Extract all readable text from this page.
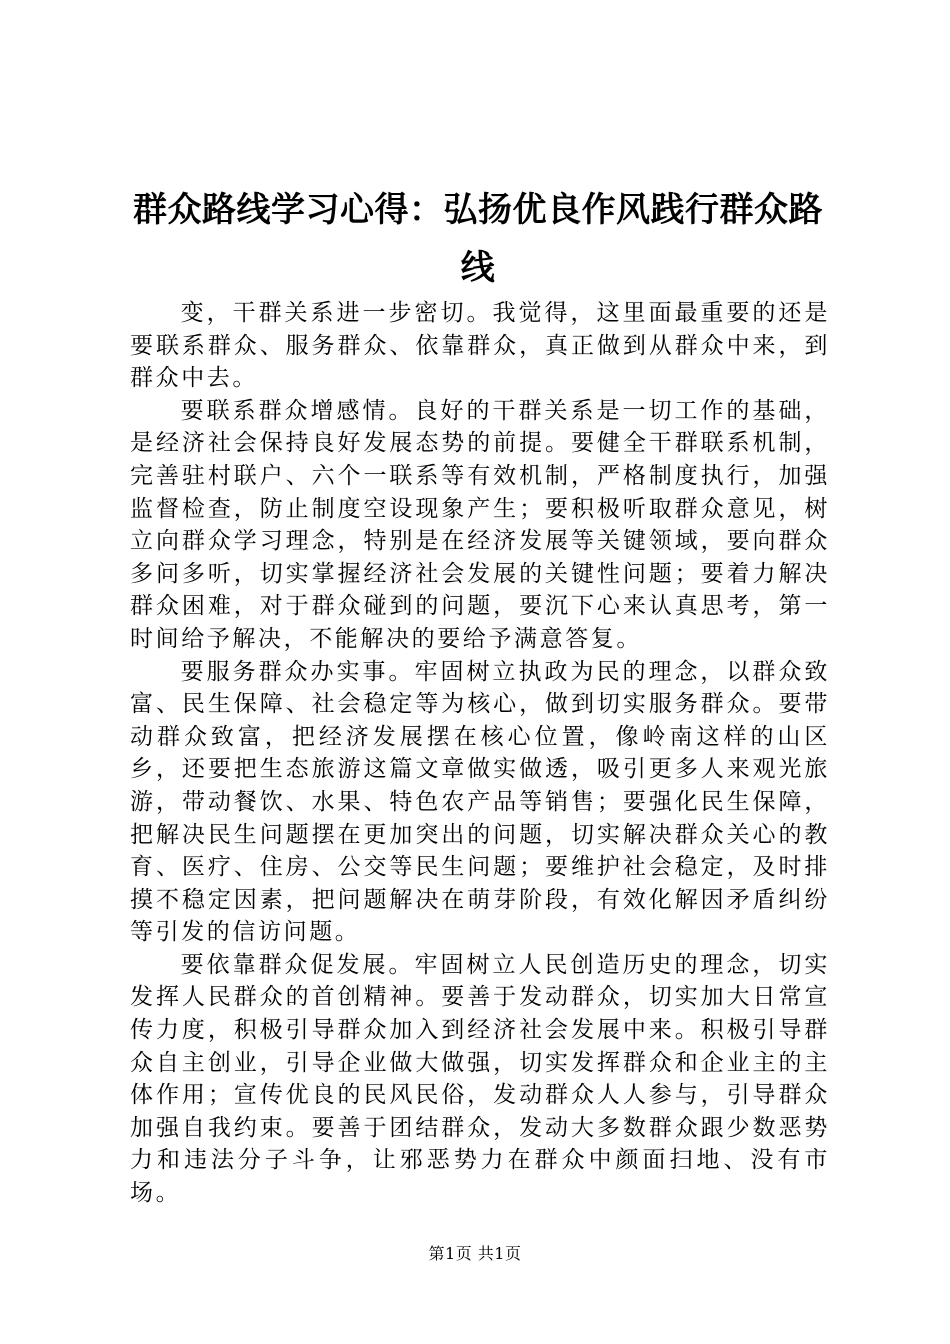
群众路线学习心得：弘扬优良作风践行群众路线

变，干群关系进一步密切。我觉得，这里面最重要的还是要联系群众、服务群众、依靠群众，真正做到从群众中来，到群众中去。

要联系群众增感情。良好的干群关系是一切工作的基础，是经济社会保持良好发展态势的前提。要健全干群联系机制，完善驻村联户、六个一联系等有效机制，严格制度执行，加强监督检查，防止制度空设现象产生；要积极听取群众意见，树立向群众学习理念，特别是在经济发展等关键领域，要向群众多问多听，切实掌握经济社会发展的关键性问题；要着力解决群众困难，对于群众碰到的问题，要沉下心来认真思考，第一时间给予解决，不能解决的要给予满意答复。

要服务群众办实事。牢固树立执政为民的理念，以群众致富、民生保障、社会稳定等为核心，做到切实服务群众。要带动群众致富，把经济发展摆在核心位置，像岭南这样的山区乡，还要把生态旅游这篇文章做实做透，吸引更多人来观光旅游，带动餐饮、水果、特色农产品等销售；要强化民生保障，把解决民生问题摆在更加突出的问题，切实解决群众关心的教育、医疗、住房、公交等民生问题；要维护社会稳定，及时排摸不稳定因素，把问题解决在萌芽阶段，有效化解因矛盾纠纷等引发的信访问题。

要依靠群众促发展。牢固树立人民创造历史的理念，切实发挥人民群众的首创精神。要善于发动群众，切实加大日常宣传力度，积极引导群众加入到经济社会发展中来。积极引导群众自主创业，引导企业做大做强，切实发挥群众和企业主的主体作用；宣传优良的民风民俗，发动群众人人参与，引导群众加强自我约束。要善于团结群众，发动大多数群众跟少数恶势力和违法分子斗争，让邪恶势力在群众中颜面扫地、没有市场。

第1页 共1页
